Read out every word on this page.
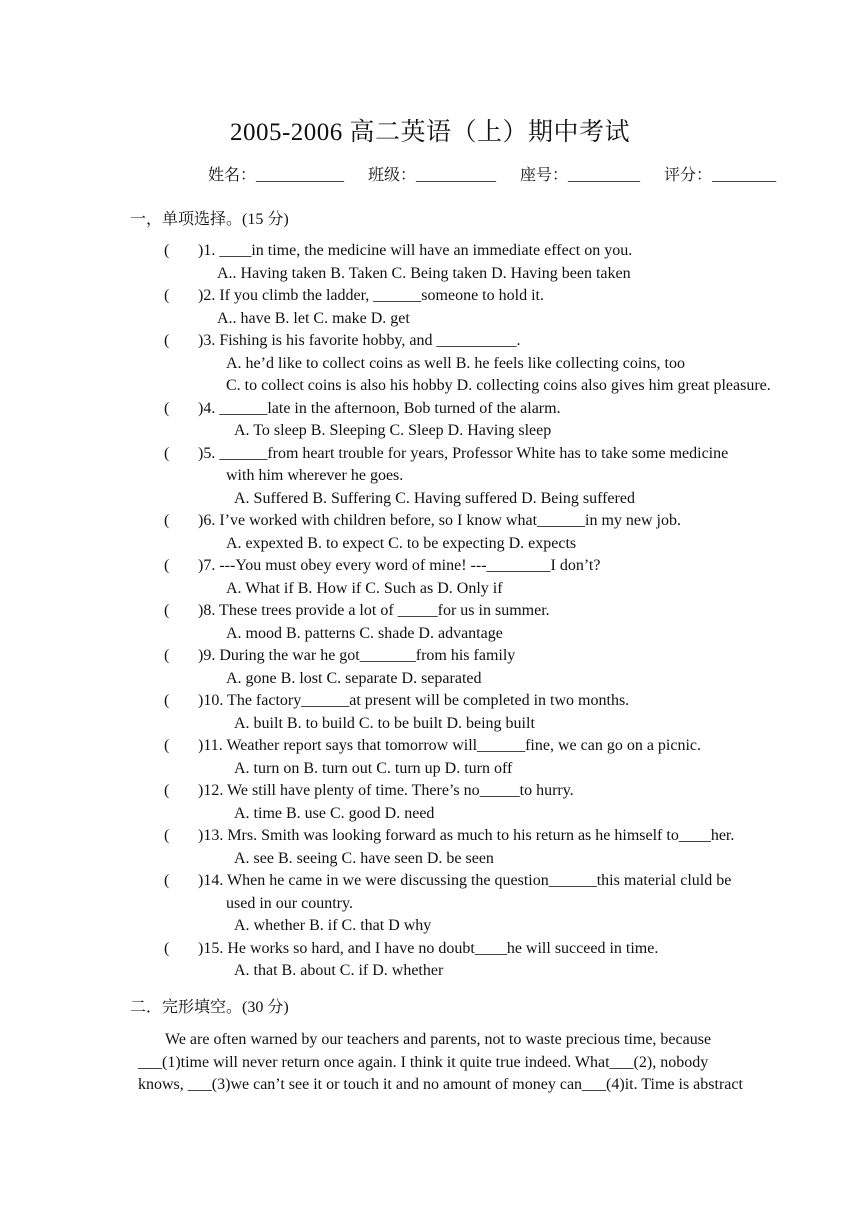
2005-2006 高二英语（上）期中考试
姓名：___________ 班级：__________ 座号：_________ 评分：________
一，单项选择。(15 分)
( )1. ____in time, the medicine will have an immediate effect on you.
A.. Having taken B. Taken C. Being taken D. Having been taken
( )2. If you climb the ladder, ______someone to hold it.
A.. have B. let C. make D. get
( )3. Fishing is his favorite hobby, and __________.
A. he’d like to collect coins as well B. he feels like collecting coins, too
C. to collect coins is also his hobby D. collecting coins also gives him great pleasure.
( )4. ______late in the afternoon, Bob turned of the alarm.
A. To sleep B. Sleeping C. Sleep D. Having sleep
( )5. ______from heart trouble for years, Professor White has to take some medicine
with him wherever he goes.
A. Suffered B. Suffering C. Having suffered D. Being suffered
( )6. I’ve worked with children before, so I know what______in my new job.
A. expexted B. to expect C. to be expecting D. expects
( )7. ---You must obey every word of mine! ---________I don’t?
A. What if B. How if C. Such as D. Only if
( )8. These trees provide a lot of _____for us in summer.
A. mood B. patterns C. shade D. advantage
( )9. During the war he got_______from his family
A. gone B. lost C. separate D. separated
( )10. The factory______at present will be completed in two months.
A. built B. to build C. to be built D. being built
( )11. Weather report says that tomorrow will______fine, we can go on a picnic.
A. turn on B. turn out C. turn up D. turn off
( )12. We still have plenty of time. There’s no_____to hurry.
A. time B. use C. good D. need
( )13. Mrs. Smith was looking forward as much to his return as he himself to____her.
A. see B. seeing C. have seen D. be seen
( )14. When he came in we were discussing the question______this material cluld be
used in our country.
A. whether B. if C. that D why
( )15. He works so hard, and I have no doubt____he will succeed in time.
A. that B. about C. if D. whether
二．完形填空。(30 分)
We are often warned by our teachers and parents, not to waste precious time, because
___(1)time will never return once again. I think it quite true indeed. What___(2), nobody
knows, ___(3)we can’t see it or touch it and no amount of money can___(4)it. Time is abstract
